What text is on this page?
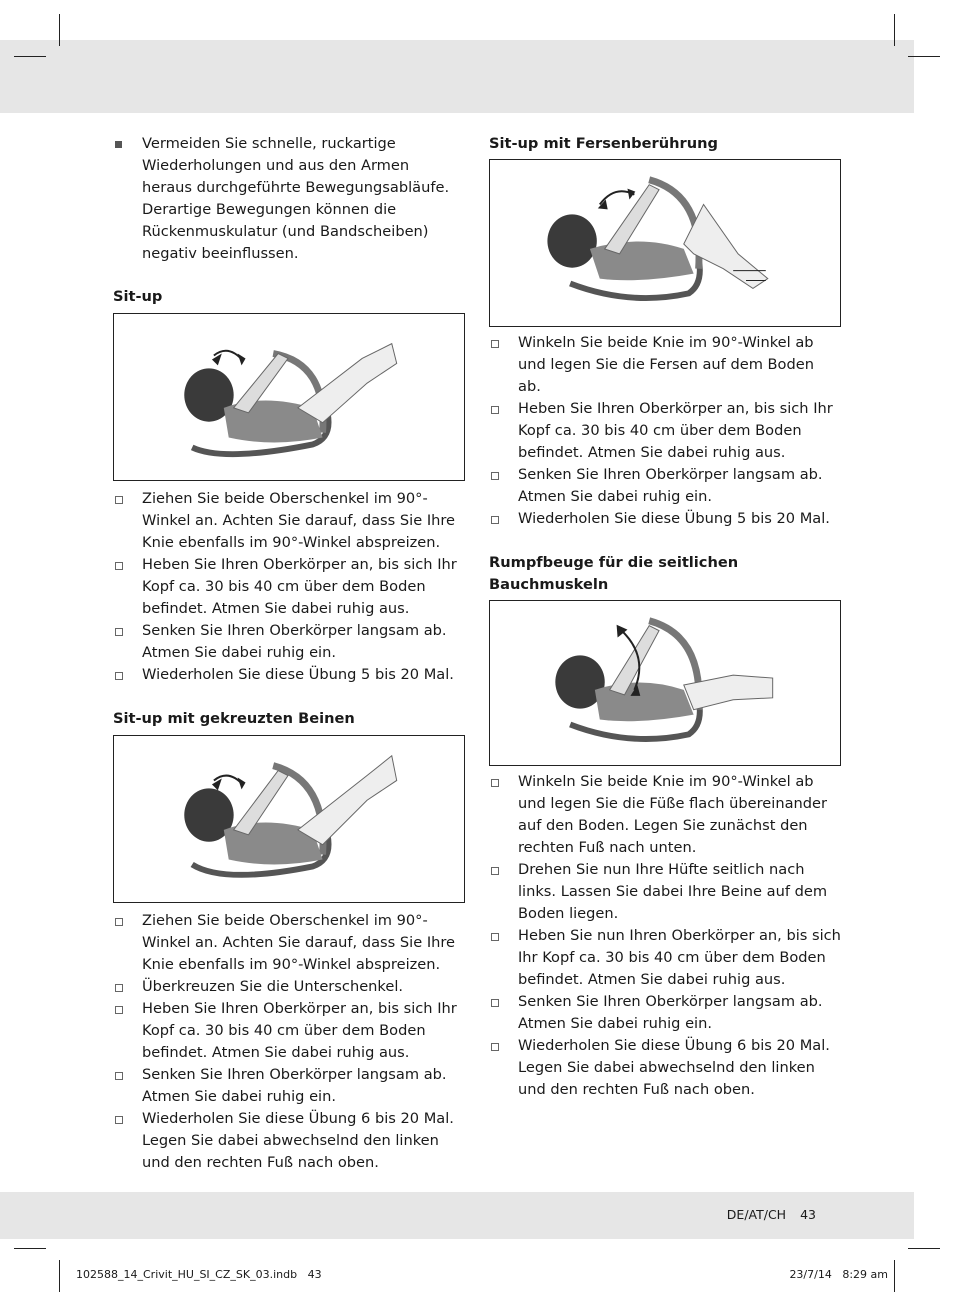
Vermeiden Sie schnelle, ruckartige Wiederholungen und aus den Armen heraus durchgeführte Bewegungsabläufe. Derartige Bewegungen können die Rückenmuskulatur (und Bandscheiben) negativ beeinflussen.

Sit-up

Ziehen Sie beide Oberschenkel im 90°-Winkel an. Achten Sie darauf, dass Sie Ihre Knie ebenfalls im 90°-Winkel abspreizen.
Heben Sie Ihren Oberkörper an, bis sich Ihr Kopf ca. 30 bis 40 cm über dem Boden befindet. Atmen Sie dabei ruhig aus.
Senken Sie Ihren Oberkörper langsam ab. Atmen Sie dabei ruhig ein.
Wiederholen Sie diese Übung 5 bis 20 Mal.

Sit-up mit gekreuzten Beinen

Ziehen Sie beide Oberschenkel im 90°-Winkel an. Achten Sie darauf, dass Sie Ihre Knie ebenfalls im 90°-Winkel abspreizen.
Überkreuzen Sie die Unterschenkel.
Heben Sie Ihren Oberkörper an, bis sich Ihr Kopf ca. 30 bis 40 cm über dem Boden befindet. Atmen Sie dabei ruhig aus.
Senken Sie Ihren Oberkörper langsam ab. Atmen Sie dabei ruhig ein.
Wiederholen Sie diese Übung 6 bis 20 Mal. Legen Sie dabei abwechselnd den linken und den rechten Fuß nach oben.

Sit-up mit Fersenberührung

Winkeln Sie beide Knie im 90°-Winkel ab und legen Sie die Fersen auf dem Boden ab.
Heben Sie Ihren Oberkörper an, bis sich Ihr Kopf ca. 30 bis 40 cm über dem Boden befindet. Atmen Sie dabei ruhig aus.
Senken Sie Ihren Oberkörper langsam ab. Atmen Sie dabei ruhig ein.
Wiederholen Sie diese Übung 5 bis 20 Mal.

Rumpfbeuge für die seitlichen Bauchmuskeln

Winkeln Sie beide Knie im 90°-Winkel ab und legen Sie die Füße flach übereinander auf den Boden. Legen Sie zunächst den rechten Fuß nach unten.
Drehen Sie nun Ihre Hüfte seitlich nach links. Lassen Sie dabei Ihre Beine auf dem Boden liegen.
Heben Sie nun Ihren Oberkörper an, bis sich Ihr Kopf ca. 30 bis 40 cm über dem Boden befindet. Atmen Sie dabei ruhig aus.
Senken Sie Ihren Oberkörper langsam ab. Atmen Sie dabei ruhig ein.
Wiederholen Sie diese Übung 6 bis 20 Mal. Legen Sie dabei abwechselnd den linken und den rechten Fuß nach oben.
DE/AT/CH 43
102588_14_Crivit_HU_SI_CZ_SK_03.indb   43	23/7/14   8:29 am
